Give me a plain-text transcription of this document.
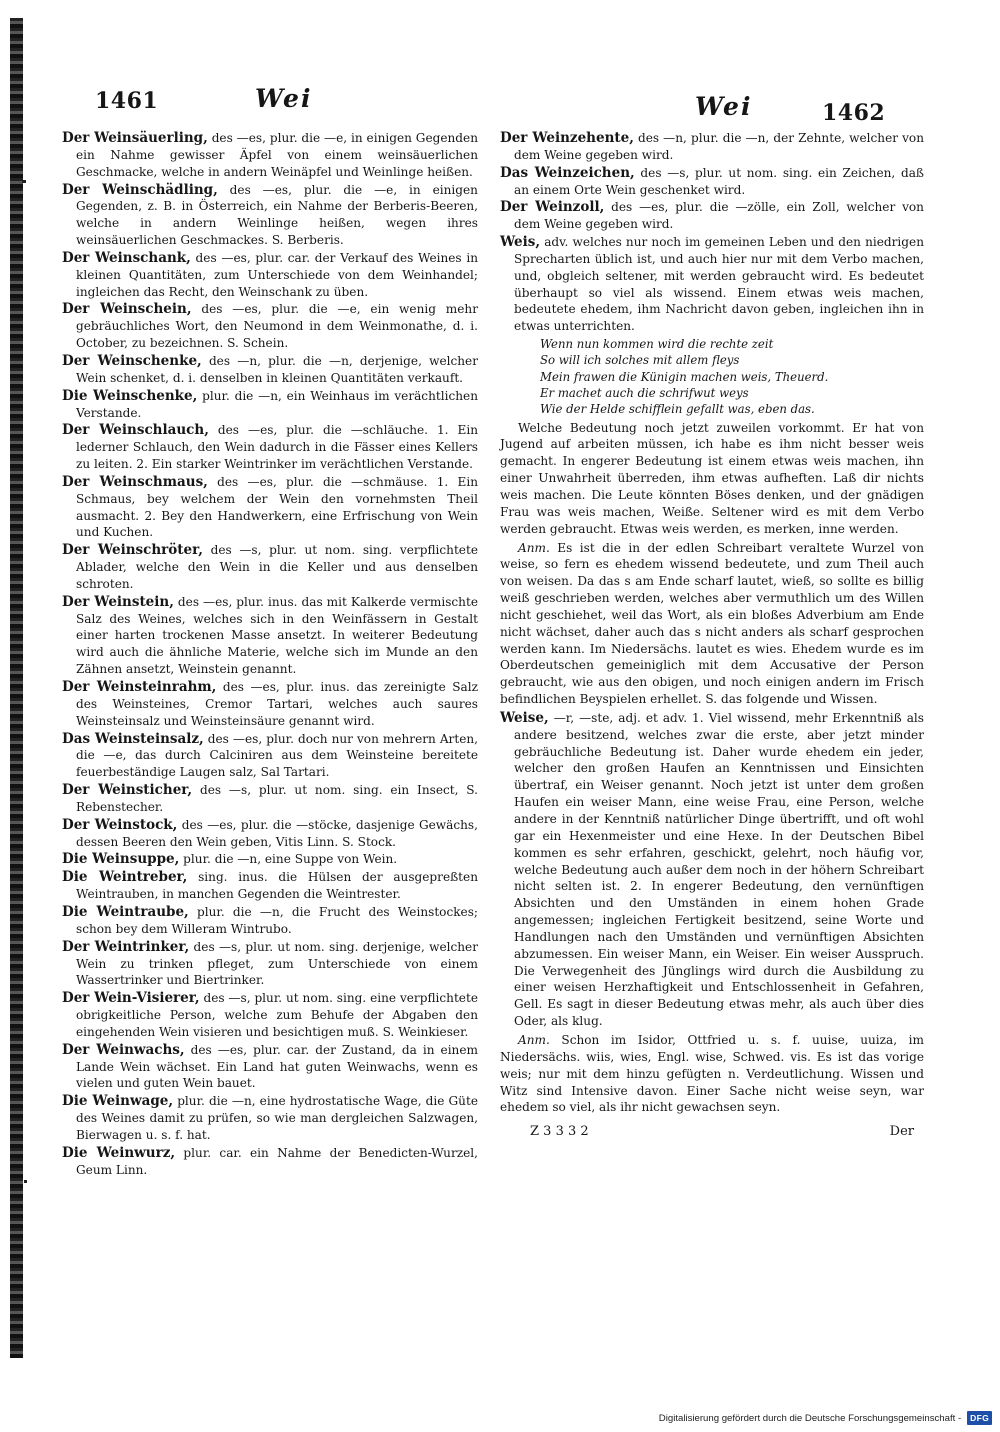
1461	Wei	Wei	1462
Der Weinsäuerling, des —es, plur. die —e, in einigen Gegenden ein Nahme gewisser Äpfel von einem weinsäuerlichen Geschmacke, welche in andern Weinäpfel und Weinlinge heißen.
Der Weinschädling, des —es, plur. die —e, in einigen Gegenden, z. B. in Österreich, ein Nahme der Berberis-Beeren, welche in andern Weinlinge heißen, wegen ihres weinsäuerlichen Geschmackes. S. Berberis.
Der Weinschank, des —es, plur. car. der Verkauf des Weines in kleinen Quantitäten, zum Unterschiede von dem Weinhandel; ingleichen das Recht, den Weinschank zu üben.
Der Weinschein, des —es, plur. die —e, ein wenig mehr gebräuchliches Wort, den Neumond in dem Weinmonathe, d. i. October, zu bezeichnen. S. Schein.
Der Weinschenke, des —n, plur. die —n, derjenige, welcher Wein schenket, d. i. denselben in kleinen Quantitäten verkauft.
Die Weinschenke, plur. die —n, ein Weinhaus im verächtlichen Verstande.
Der Weinschlauch, des —es, plur. die —schläuche. 1. Ein lederner Schlauch, den Wein dadurch in die Fässer eines Kellers zu leiten. 2. Ein starker Weintrinker im verächtlichen Verstande.
Der Weinschmaus, des —es, plur. die —schmäuse. 1. Ein Schmaus, bey welchem der Wein den vornehmsten Theil ausmacht. 2. Bey den Handwerkern, eine Erfrischung von Wein und Kuchen.
Der Weinschröter, des —s, plur. ut nom. sing. verpflichtete Ablader, welche den Wein in die Keller und aus denselben schroten.
Der Weinstein, des —es, plur. inus. das mit Kalkerde vermischte Salz des Weines, welches sich in den Weinfässern in Gestalt einer harten trockenen Masse ansetzt. In weiterer Bedeutung wird auch die ähnliche Materie, welche sich im Munde an den Zähnen ansetzt, Weinstein genannt.
Der Weinsteinrahm, des —es, plur. inus. das zereinigte Salz des Weinsteines, Cremor Tartari, welches auch saures Weinsteinsalz und Weinsteinsäure genannt wird.
Das Weinsteinsalz, des —es, plur. doch nur von mehrern Arten, die —e, das durch Calciniren aus dem Weinsteine bereitete feuerbeständige Laugen salz, Sal Tartari.
Der Weinsticher, des —s, plur. ut nom. sing. ein Insect, S. Rebenstecher.
Der Weinstock, des —es, plur. die —stöcke, dasjenige Gewächs, dessen Beeren den Wein geben, Vitis Linn. S. Stock.
Die Weinsuppe, plur. die —n, eine Suppe von Wein.
Die Weintreber, sing. inus. die Hülsen der ausgepreßten Weintrauben, in manchen Gegenden die Weintrester.
Die Weintraube, plur. die —n, die Frucht des Weinstockes; schon bey dem Willeram Wintrubo.
Der Weintrinker, des —s, plur. ut nom. sing. derjenige, welcher Wein zu trinken pfleget, zum Unterschiede von einem Wassertrinker und Biertrinker.
Der Wein-Visierer, des —s, plur. ut nom. sing. eine verpflichtete obrigkeitliche Person, welche zum Behufe der Abgaben den eingehenden Wein visieren und besichtigen muß. S. Weinkieser.
Der Weinwachs, des —es, plur. car. der Zustand, da in einem Lande Wein wächset. Ein Land hat guten Weinwachs, wenn es vielen und guten Wein bauet.
Die Weinwage, plur. die —n, eine hydrostatische Wage, die Güte des Weines damit zu prüfen, so wie man dergleichen Salzwagen, Bierwagen u. s. f. hat.
Die Weinwurz, plur. car. ein Nahme der Benedicten-Wurzel, Geum Linn.
Der Weinzehente, des —n, plur. die —n, der Zehnte, welcher von dem Weine gegeben wird.
Das Weinzeichen, des —s, plur. ut nom. sing. ein Zeichen, daß an einem Orte Wein geschenket wird.
Der Weinzoll, des —es, plur. die —zölle, ein Zoll, welcher von dem Weine gegeben wird.
Weis, adv. welches nur noch im gemeinen Leben und den niedrigen Sprecharten üblich ist, und auch hier nur mit dem Verbo machen, und, obgleich seltener, mit werden gebraucht wird. Es bedeutet überhaupt so viel als wissend. Einem etwas weis machen, bedeutete ehedem, ihm Nachricht davon geben, ingleichen ihn in etwas unterrichten.
Wenn nun kommen wird die rechte zeit
So will ich solches mit allem fleys
Mein frawen die Künigin machen weis, Theuerd.
Er machet auch die schrifwut weys
Wie der Helde schifflein gefallt was, eben das.
Welche Bedeutung noch jetzt zuweilen vorkommt. Er hat von Jugend auf arbeiten müssen, ich habe es ihm nicht besser weis gemacht. In engerer Bedeutung ist einem etwas weis machen, ihn einer Unwahrheit überreden, ihm etwas aufheften. Laß dir nichts weis machen. Die Leute könnten Böses denken, und der gnädigen Frau was weis machen, Weiße. Seltener wird es mit dem Verbo werden gebraucht. Etwas weis werden, es merken, inne werden.
Anm. Es ist die in der edlen Schreibart veraltete Wurzel von weise, so fern es ehedem wissend bedeutete, und zum Theil auch von weisen. Da das s am Ende scharf lautet, wieß, so sollte es billig weiß geschrieben werden, welches aber vermuthlich um des Willen nicht geschiehet, weil das Wort, als ein bloßes Adverbium am Ende nicht wächset, daher auch das s nicht anders als scharf gesprochen werden kann. Im Niedersächs. lautet es wies. Ehedem wurde es im Oberdeutschen gemeiniglich mit dem Accusative der Person gebraucht, wie aus den obigen, und noch einigen andern im Frisch befindlichen Beyspielen erhellet. S. das folgende und Wissen.
Weise, —r, —ste, adj. et adv. 1. Viel wissend, mehr Erkenntniß als andere besitzend, welches zwar die erste, aber jetzt minder gebräuchliche Bedeutung ist. Daher wurde ehedem ein jeder, welcher den großen Haufen an Kenntnissen und Einsichten übertraf, ein Weiser genannt. Noch jetzt ist unter dem großen Haufen ein weiser Mann, eine weise Frau, eine Person, welche andere in der Kenntniß natürlicher Dinge übertrifft, und oft wohl gar ein Hexenmeister und eine Hexe. In der Deutschen Bibel kommen es sehr erfahren, geschickt, gelehrt, noch häufig vor, welche Bedeutung auch außer dem noch in der höhern Schreibart nicht selten ist. 2. In engerer Bedeutung, den vernünftigen Absichten und den Umständen in einem hohen Grade angemessen; ingleichen Fertigkeit besitzend, seine Worte und Handlungen nach den Umständen und vernünftigen Absichten abzumessen. Ein weiser Mann, ein Weiser. Ein weiser Ausspruch. Die Verwegenheit des Jünglings wird durch die Ausbildung zu einer weisen Herzhaftigkeit und Entschlossenheit in Gefahren, Gell. Es sagt in dieser Bedeutung etwas mehr, als auch über dies Oder, als klug.
Anm. Schon im Isidor, Ottfried u. s. f. uuise, uuiza, im Niedersächs. wiis, wies, Engl. wise, Schwed. vis. Es ist das vorige weis; nur mit dem hinzu gefügten n. Verdeutlichung. Wissen und Witz sind Intensive davon. Einer Sache nicht weise seyn, war ehedem so viel, als ihr nicht gewachsen seyn.
Z 3 3 3 2	Der
Digitalisierung gefördert durch die Deutsche Forschungsgemeinschaft -	DFG
